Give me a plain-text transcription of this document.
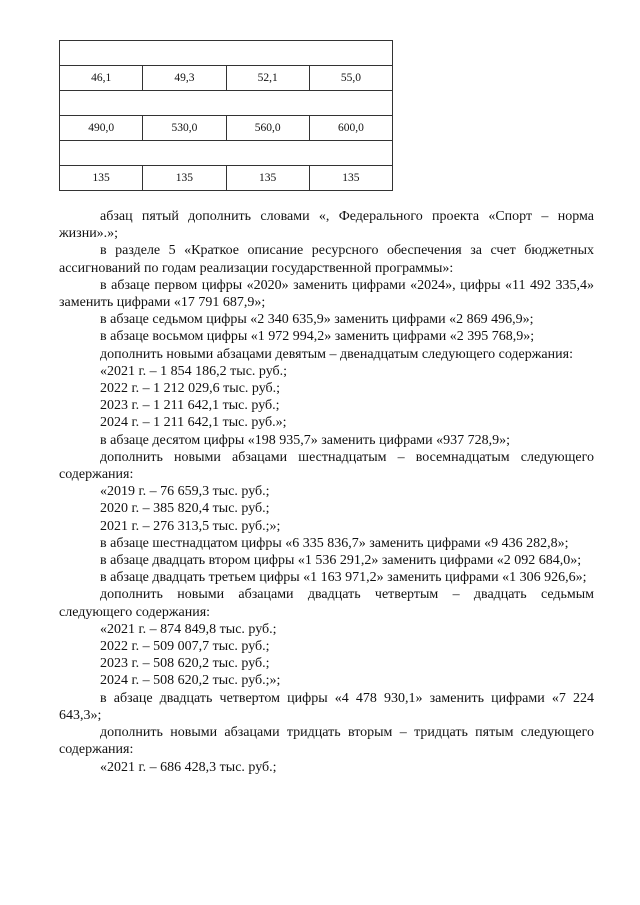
46,1	49,3	52,1	55,0

490,0	530,0	560,0	600,0

135	135	135	135

абзац пятый дополнить словами «, Федерального проекта «Спорт – норма жизни».»;

в разделе 5 «Краткое описание ресурсного обеспечения за счет бюджетных ассигнований по годам реализации государственной программы»:

в абзаце первом цифры «2020» заменить цифрами «2024», цифры «11 492 335,4» заменить цифрами «17 791 687,9»;

в абзаце седьмом цифры «2 340 635,9» заменить цифрами «2 869 496,9»;

в абзаце восьмом цифры «1 972 994,2» заменить цифрами «2 395 768,9»;

дополнить новыми абзацами девятым – двенадцатым следующего содержания:

«2021 г. – 1 854 186,2 тыс. руб.;

2022 г. – 1 212 029,6 тыс. руб.;

2023 г. – 1 211 642,1 тыс. руб.;

2024 г. – 1 211 642,1 тыс. руб.»;

в абзаце десятом цифры «198 935,7» заменить цифрами «937 728,9»;

дополнить новыми абзацами шестнадцатым – восемнадцатым следующего содержания:

«2019 г. – 76 659,3 тыс. руб.;

2020 г. – 385 820,4 тыс. руб.;

2021 г. – 276 313,5 тыс. руб.;»;

в абзаце шестнадцатом цифры «6 335 836,7» заменить цифрами «9 436 282,8»;

в абзаце двадцать втором цифры «1 536 291,2» заменить цифрами «2 092 684,0»;

в абзаце двадцать третьем цифры «1 163 971,2» заменить цифрами «1 306 926,6»;

дополнить новыми абзацами двадцать четвертым – двадцать седьмым следующего содержания:

«2021 г. – 874 849,8 тыс. руб.;

2022 г. – 509 007,7 тыс. руб.;

2023 г. – 508 620,2 тыс. руб.;

2024 г. – 508 620,2 тыс. руб.;»;

в абзаце двадцать четвертом цифры «4 478 930,1» заменить цифрами «7 224 643,3»;

дополнить новыми абзацами тридцать вторым – тридцать пятым следующего содержания:

«2021 г. – 686 428,3 тыс. руб.;
